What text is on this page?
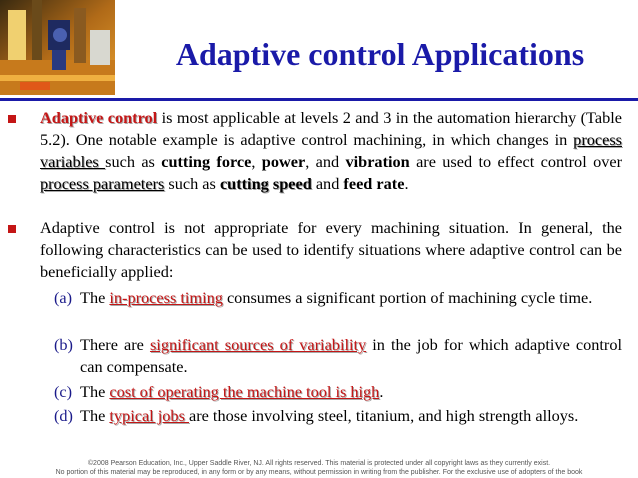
Adaptive control Applications
Adaptive control is most applicable at levels 2 and 3 in the automation hierarchy (Table 5.2). One notable example is adaptive control machining, in which changes in process variables such as cutting force, power, and vibration are used to effect control over process parameters such as cutting speed and feed rate.
Adaptive control is not appropriate for every machining situation. In general, the following characteristics can be used to identify situations where adaptive control can be beneficially applied:
(a) The in-process timing consumes a significant portion of machining cycle time.
(b) There are significant sources of variability in the job for which adaptive control can compensate.
(c) The cost of operating the machine tool is high.
(d) The typical jobs are those involving steel, titanium, and high strength alloys.
©2008 Pearson Education, Inc., Upper Saddle River, NJ. All rights reserved. This material is protected under all copyright laws as they currently exist.
No portion of this material may be reproduced, in any form or by any means, without permission in writing from the publisher. For the exclusive use of adopters of the book
